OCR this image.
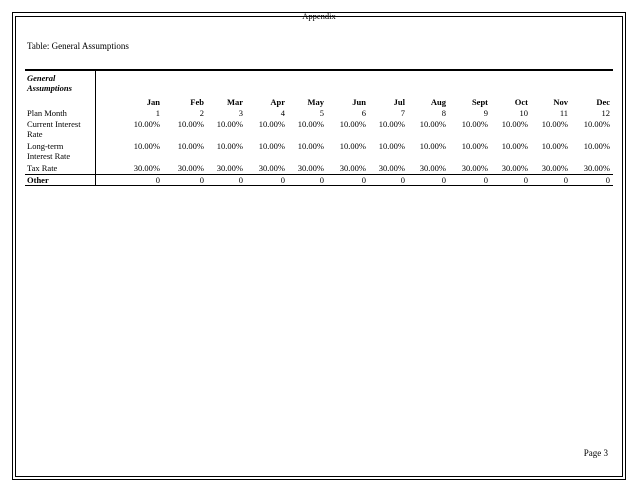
Appendix
Table: General Assumptions
General
Assumptions
Jan	Feb	Mar	Apr	May	Jun	Jul	Aug	Sept	Oct	Nov	Dec
Plan Month	1	2	3	4	5	6	7	8	9	10	11	12
Current Interest
Rate
10.00%	10.00%	10.00%	10.00%	10.00%	10.00%	10.00%	10.00%	10.00%	10.00%	10.00%	10.00%
Long-term
Interest Rate
10.00%	10.00%	10.00%	10.00%	10.00%	10.00%	10.00%	10.00%	10.00%	10.00%	10.00%	10.00%
Tax Rate	30.00%	30.00%	30.00%	30.00%	30.00%	30.00%	30.00%	30.00%	30.00%	30.00%	30.00%	30.00%
Other	0	0	0	0	0	0	0	0	0	0	0	0
Page 3
